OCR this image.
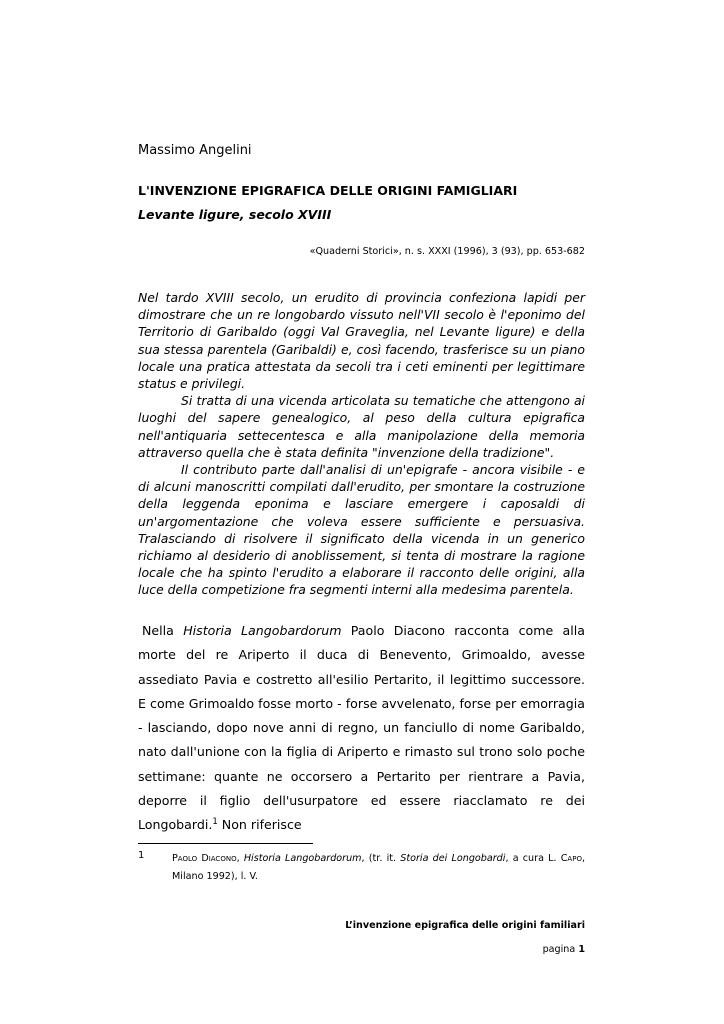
Massimo Angelini
L'INVENZIONE EPIGRAFICA DELLE ORIGINI FAMIGLIARI
Levante ligure, secolo XVIII
«Quaderni Storici», n. s. XXXI (1996), 3 (93), pp. 653-682

Nel tardo XVIII secolo, un erudito di provincia confeziona lapidi per dimostrare che un re longobardo vissuto nell'VII secolo è l'eponimo del Territorio di Garibaldo (oggi Val Graveglia, nel Levante ligure) e della sua stessa parentela (Garibaldi) e, così facendo, trasferisce su un piano locale una pratica attestata da secoli tra i ceti eminenti per legittimare status e privilegi.

Si tratta di una vicenda articolata su tematiche che attengono ai luoghi del sapere genealogico, al peso della cultura epigrafica nell'antiquaria settecentesca e alla manipolazione della memoria attraverso quella che è stata definita "invenzione della tradizione".

Il contributo parte dall'analisi di un'epigrafe - ancora visibile - e di alcuni manoscritti compilati dall'erudito, per smontare la costruzione della leggenda eponima e lasciare emergere i caposaldi di un'argomentazione che voleva essere sufficiente e persuasiva. Tralasciando di risolvere il significato della vicenda in un generico richiamo al desiderio di anoblissement, si tenta di mostrare la ragione locale che ha spinto l'erudito a elaborare il racconto delle origini, alla luce della competizione fra segmenti interni alla medesima parentela.

Nella Historia Langobardorum Paolo Diacono racconta come alla morte del re Ariperto il duca di Benevento, Grimoaldo, avesse assediato Pavia e costretto all'esilio Pertarito, il legittimo successore. E come Grimoaldo fosse morto - forse avvelenato, forse per emorragia - lasciando, dopo nove anni di regno, un fanciullo di nome Garibaldo, nato dall'unione con la figlia di Ariperto e rimasto sul trono solo poche settimane: quante ne occorsero a Pertarito per rientrare a Pavia, deporre il figlio dell'usurpatore ed essere riacclamato re dei Longobardi.$^1$ Non riferisce

1	Paolo Diacono, Historia Langobardorum, (tr. it. Storia dei Longobardi, a cura L. Capo, Milano 1992), l. V.

L’invenzione epigrafica delle origini familiari
pagina 1
